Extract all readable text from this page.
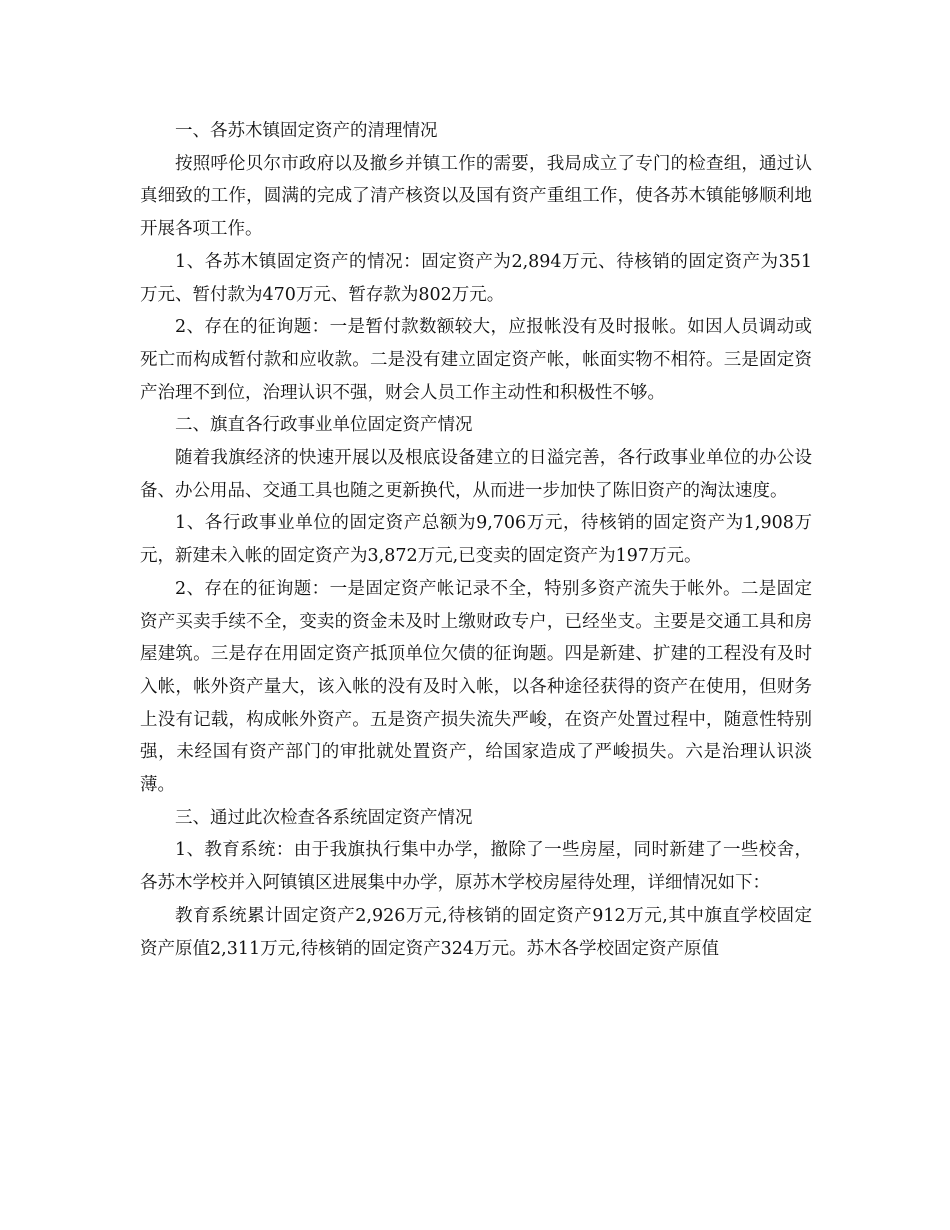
一、各苏木镇固定资产的清理情况

按照呼伦贝尔市政府以及撤乡并镇工作的需要，我局成立了专门的检查组，通过认真细致的工作，圆满的完成了清产核资以及国有资产重组工作，使各苏木镇能够顺利地开展各项工作。

1、各苏木镇固定资产的情况：固定资产为2,894万元、待核销的固定资产为351万元、暂付款为470万元、暂存款为802万元。

2、存在的征询题：一是暂付款数额较大，应报帐没有及时报帐。如因人员调动或死亡而构成暂付款和应收款。二是没有建立固定资产帐，帐面实物不相符。三是固定资产治理不到位，治理认识不强，财会人员工作主动性和积极性不够。

二、旗直各行政事业单位固定资产情况

随着我旗经济的快速开展以及根底设备建立的日溢完善，各行政事业单位的办公设备、办公用品、交通工具也随之更新换代，从而进一步加快了陈旧资产的淘汰速度。

1、各行政事业单位的固定资产总额为9,706万元，待核销的固定资产为1,908万元，新建未入帐的固定资产为3,872万元,已变卖的固定资产为197万元。

2、存在的征询题：一是固定资产帐记录不全，特别多资产流失于帐外。二是固定资产买卖手续不全，变卖的资金未及时上缴财政专户，已经坐支。主要是交通工具和房屋建筑。三是存在用固定资产抵顶单位欠债的征询题。四是新建、扩建的工程没有及时入帐，帐外资产量大，该入帐的没有及时入帐，以各种途径获得的资产在使用，但财务上没有记载，构成帐外资产。五是资产损失流失严峻，在资产处置过程中，随意性特别强，未经国有资产部门的审批就处置资产，给国家造成了严峻损失。六是治理认识淡薄。

三、通过此次检查各系统固定资产情况

1、教育系统：由于我旗执行集中办学，撤除了一些房屋，同时新建了一些校舍，各苏木学校并入阿镇镇区进展集中办学，原苏木学校房屋待处理，详细情况如下：

教育系统累计固定资产2,926万元,待核销的固定资产912万元,其中旗直学校固定资产原值2,311万元,待核销的固定资产324万元。苏木各学校固定资产原值
